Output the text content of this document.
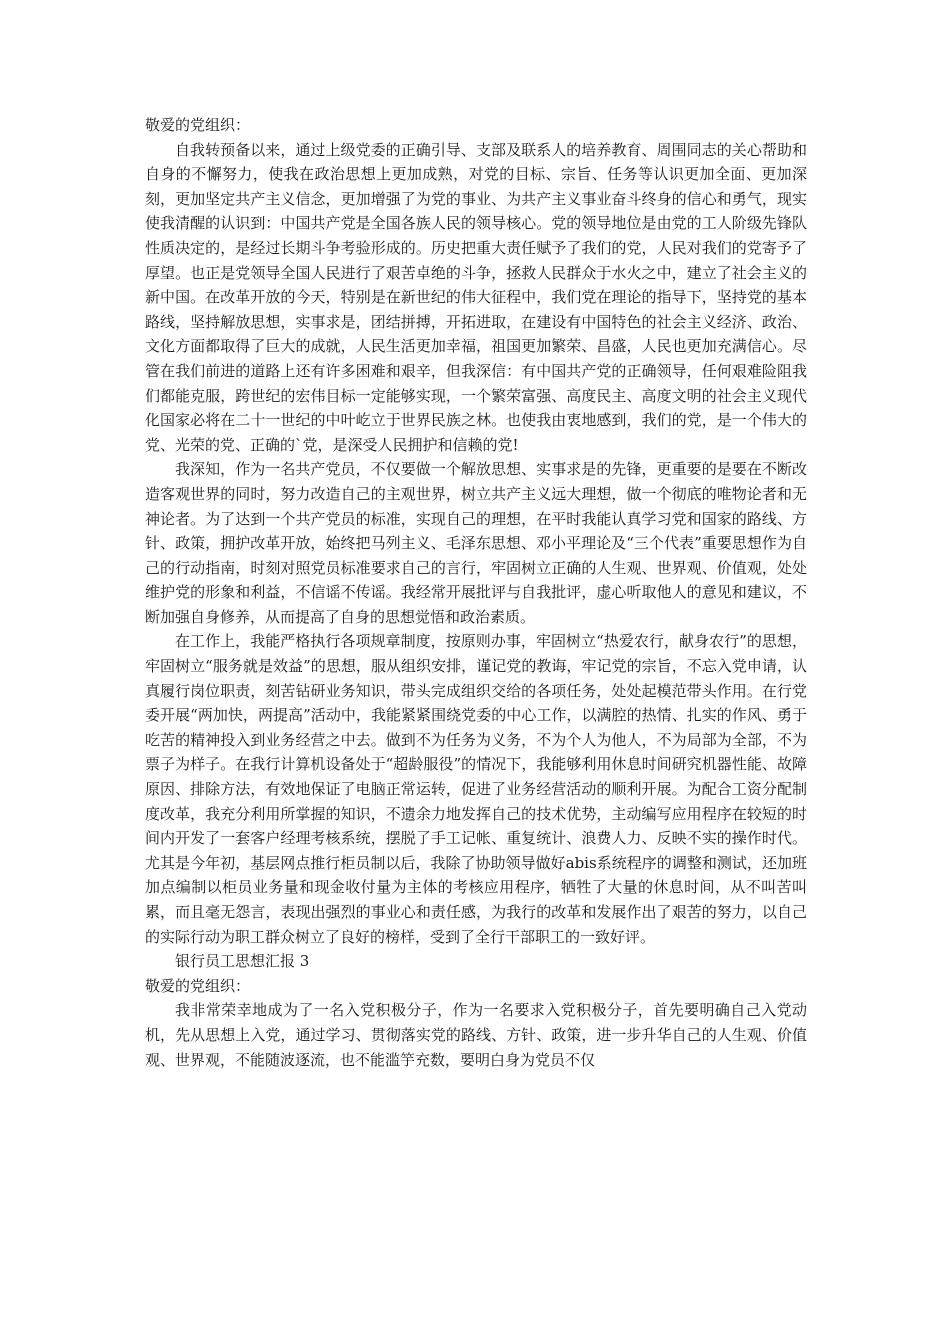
敬爱的党组织：

自我转预备以来，通过上级党委的正确引导、支部及联系人的培养教育、周围同志的关心帮助和自身的不懈努力，使我在政治思想上更加成熟，对党的目标、宗旨、任务等认识更加全面、更加深刻，更加坚定共产主义信念，更加增强了为党的事业、为共产主义事业奋斗终身的信心和勇气，现实使我清醒的认识到：中国共产党是全国各族人民的领导核心。党的领导地位是由党的工人阶级先锋队性质决定的，是经过长期斗争考验形成的。历史把重大责任赋予了我们的党，人民对我们的党寄予了厚望。也正是党领导全国人民进行了艰苦卓绝的斗争，拯救人民群众于水火之中，建立了社会主义的新中国。在改革开放的今天，特别是在新世纪的伟大征程中，我们党在理论的指导下，坚持党的基本路线，坚持解放思想，实事求是，团结拼搏，开拓进取，在建设有中国特色的社会主义经济、政治、文化方面都取得了巨大的成就，人民生活更加幸福，祖国更加繁荣、昌盛，人民也更加充满信心。尽管在我们前进的道路上还有许多困难和艰辛，但我深信：有中国共产党的正确领导，任何艰难险阻我们都能克服，跨世纪的宏伟目标一定能够实现，一个繁荣富强、高度民主、高度文明的社会主义现代化国家必将在二十一世纪的中叶屹立于世界民族之林。也使我由衷地感到，我们的党，是一个伟大的党、光荣的党、正确的`党，是深受人民拥护和信赖的党!

我深知，作为一名共产党员，不仅要做一个解放思想、实事求是的先锋，更重要的是要在不断改造客观世界的同时，努力改造自己的主观世界，树立共产主义远大理想，做一个彻底的唯物论者和无神论者。为了达到一个共产党员的标准，实现自己的理想，在平时我能认真学习党和国家的路线、方针、政策，拥护改革开放，始终把马列主义、毛泽东思想、邓小平理论及“三个代表”重要思想作为自己的行动指南，时刻对照党员标准要求自己的言行，牢固树立正确的人生观、世界观、价值观，处处维护党的形象和利益，不信谣不传谣。我经常开展批评与自我批评，虚心听取他人的意见和建议，不断加强自身修养，从而提高了自身的思想觉悟和政治素质。

在工作上，我能严格执行各项规章制度，按原则办事，牢固树立“热爱农行，献身农行”的思想，牢固树立“服务就是效益”的思想，服从组织安排，谨记党的教诲，牢记党的宗旨，不忘入党申请，认真履行岗位职责，刻苦钻研业务知识，带头完成组织交给的各项任务，处处起模范带头作用。在行党委开展“两加快，两提高”活动中，我能紧紧围绕党委的中心工作，以满腔的热情、扎实的作风、勇于吃苦的精神投入到业务经营之中去。做到不为任务为义务，不为个人为他人，不为局部为全部，不为票子为样子。在我行计算机设备处于“超龄服役”的情况下，我能够利用休息时间研究机器性能、故障原因、排除方法，有效地保证了电脑正常运转，促进了业务经营活动的顺利开展。为配合工资分配制度改革，我充分利用所掌握的知识，不遗余力地发挥自己的技术优势，主动编写应用程序在较短的时间内开发了一套客户经理考核系统，摆脱了手工记帐、重复统计、浪费人力、反映不实的操作时代。尤其是今年初，基层网点推行柜员制以后，我除了协助领导做好abis系统程序的调整和测试，还加班加点编制以柜员业务量和现金收付量为主体的考核应用程序，牺牲了大量的休息时间，从不叫苦叫累，而且毫无怨言，表现出强烈的事业心和责任感，为我行的改革和发展作出了艰苦的努力，以自己的实际行动为职工群众树立了良好的榜样，受到了全行干部职工的一致好评。

银行员工思想汇报 3

敬爱的党组织：

我非常荣幸地成为了一名入党积极分子，作为一名要求入党积极分子，首先要明确自己入党动机，先从思想上入党，通过学习、贯彻落实党的路线、方针、政策，进一步升华自己的人生观、价值观、世界观，不能随波逐流，也不能滥竽充数，要明白身为党员不仅
